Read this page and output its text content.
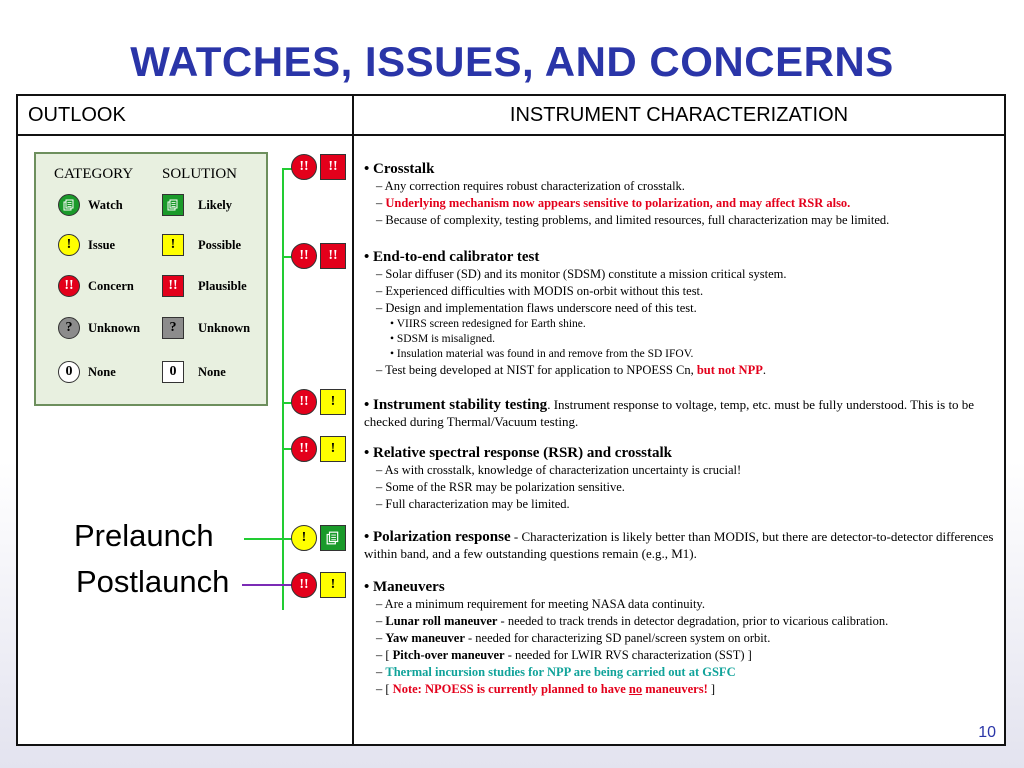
WATCHES, ISSUES, AND CONCERNS
OUTLOOK	INSTRUMENT CHARACTERIZATION
CATEGORY SOLUTION
Watch	Likely
!	Issue	!	Possible
!!	Concern	!!	Plausible
?	Unknown	?	Unknown
0	None	0	None
Prelaunch
Postlaunch
!!	!!
!!	!!
!!	!
!!	!
!
!!	!
• Crosstalk
– Any correction requires robust characterization of crosstalk.
– Underlying mechanism now appears sensitive to polarization, and may affect RSR also.
– Because of complexity, testing problems, and limited resources, full characterization may be limited.
• End-to-end calibrator test
– Solar diffuser (SD) and its monitor (SDSM) constitute a mission critical system.
– Experienced difficulties with MODIS on-orbit without this test.
– Design and implementation flaws underscore need of this test.
• VIIRS screen redesigned for Earth shine.
• SDSM is misaligned.
• Insulation material was found in and remove from the SD IFOV.
– Test being developed at NIST for application to NPOESS Cn, but not NPP.
• Instrument stability testing. Instrument response to voltage, temp, etc. must be fully understood. This is to be checked during Thermal/Vacuum testing.
• Relative spectral response (RSR) and crosstalk
– As with crosstalk, knowledge of characterization uncertainty is crucial!
– Some of the RSR may be polarization sensitive.
– Full characterization may be limited.
• Polarization response - Characterization is likely better than MODIS, but there are detector-to-detector differences within band, and a few outstanding questions remain (e.g., M1).
• Maneuvers
– Are a minimum requirement for meeting NASA data continuity.
– Lunar roll maneuver - needed to track trends in detector degradation, prior to vicarious calibration.
– Yaw maneuver - needed for characterizing SD panel/screen system on orbit.
– [ Pitch-over maneuver - needed for LWIR RVS characterization (SST) ]
– Thermal incursion studies for NPP are being carried out at GSFC
– [ Note: NPOESS is currently planned to have no maneuvers! ]
10
